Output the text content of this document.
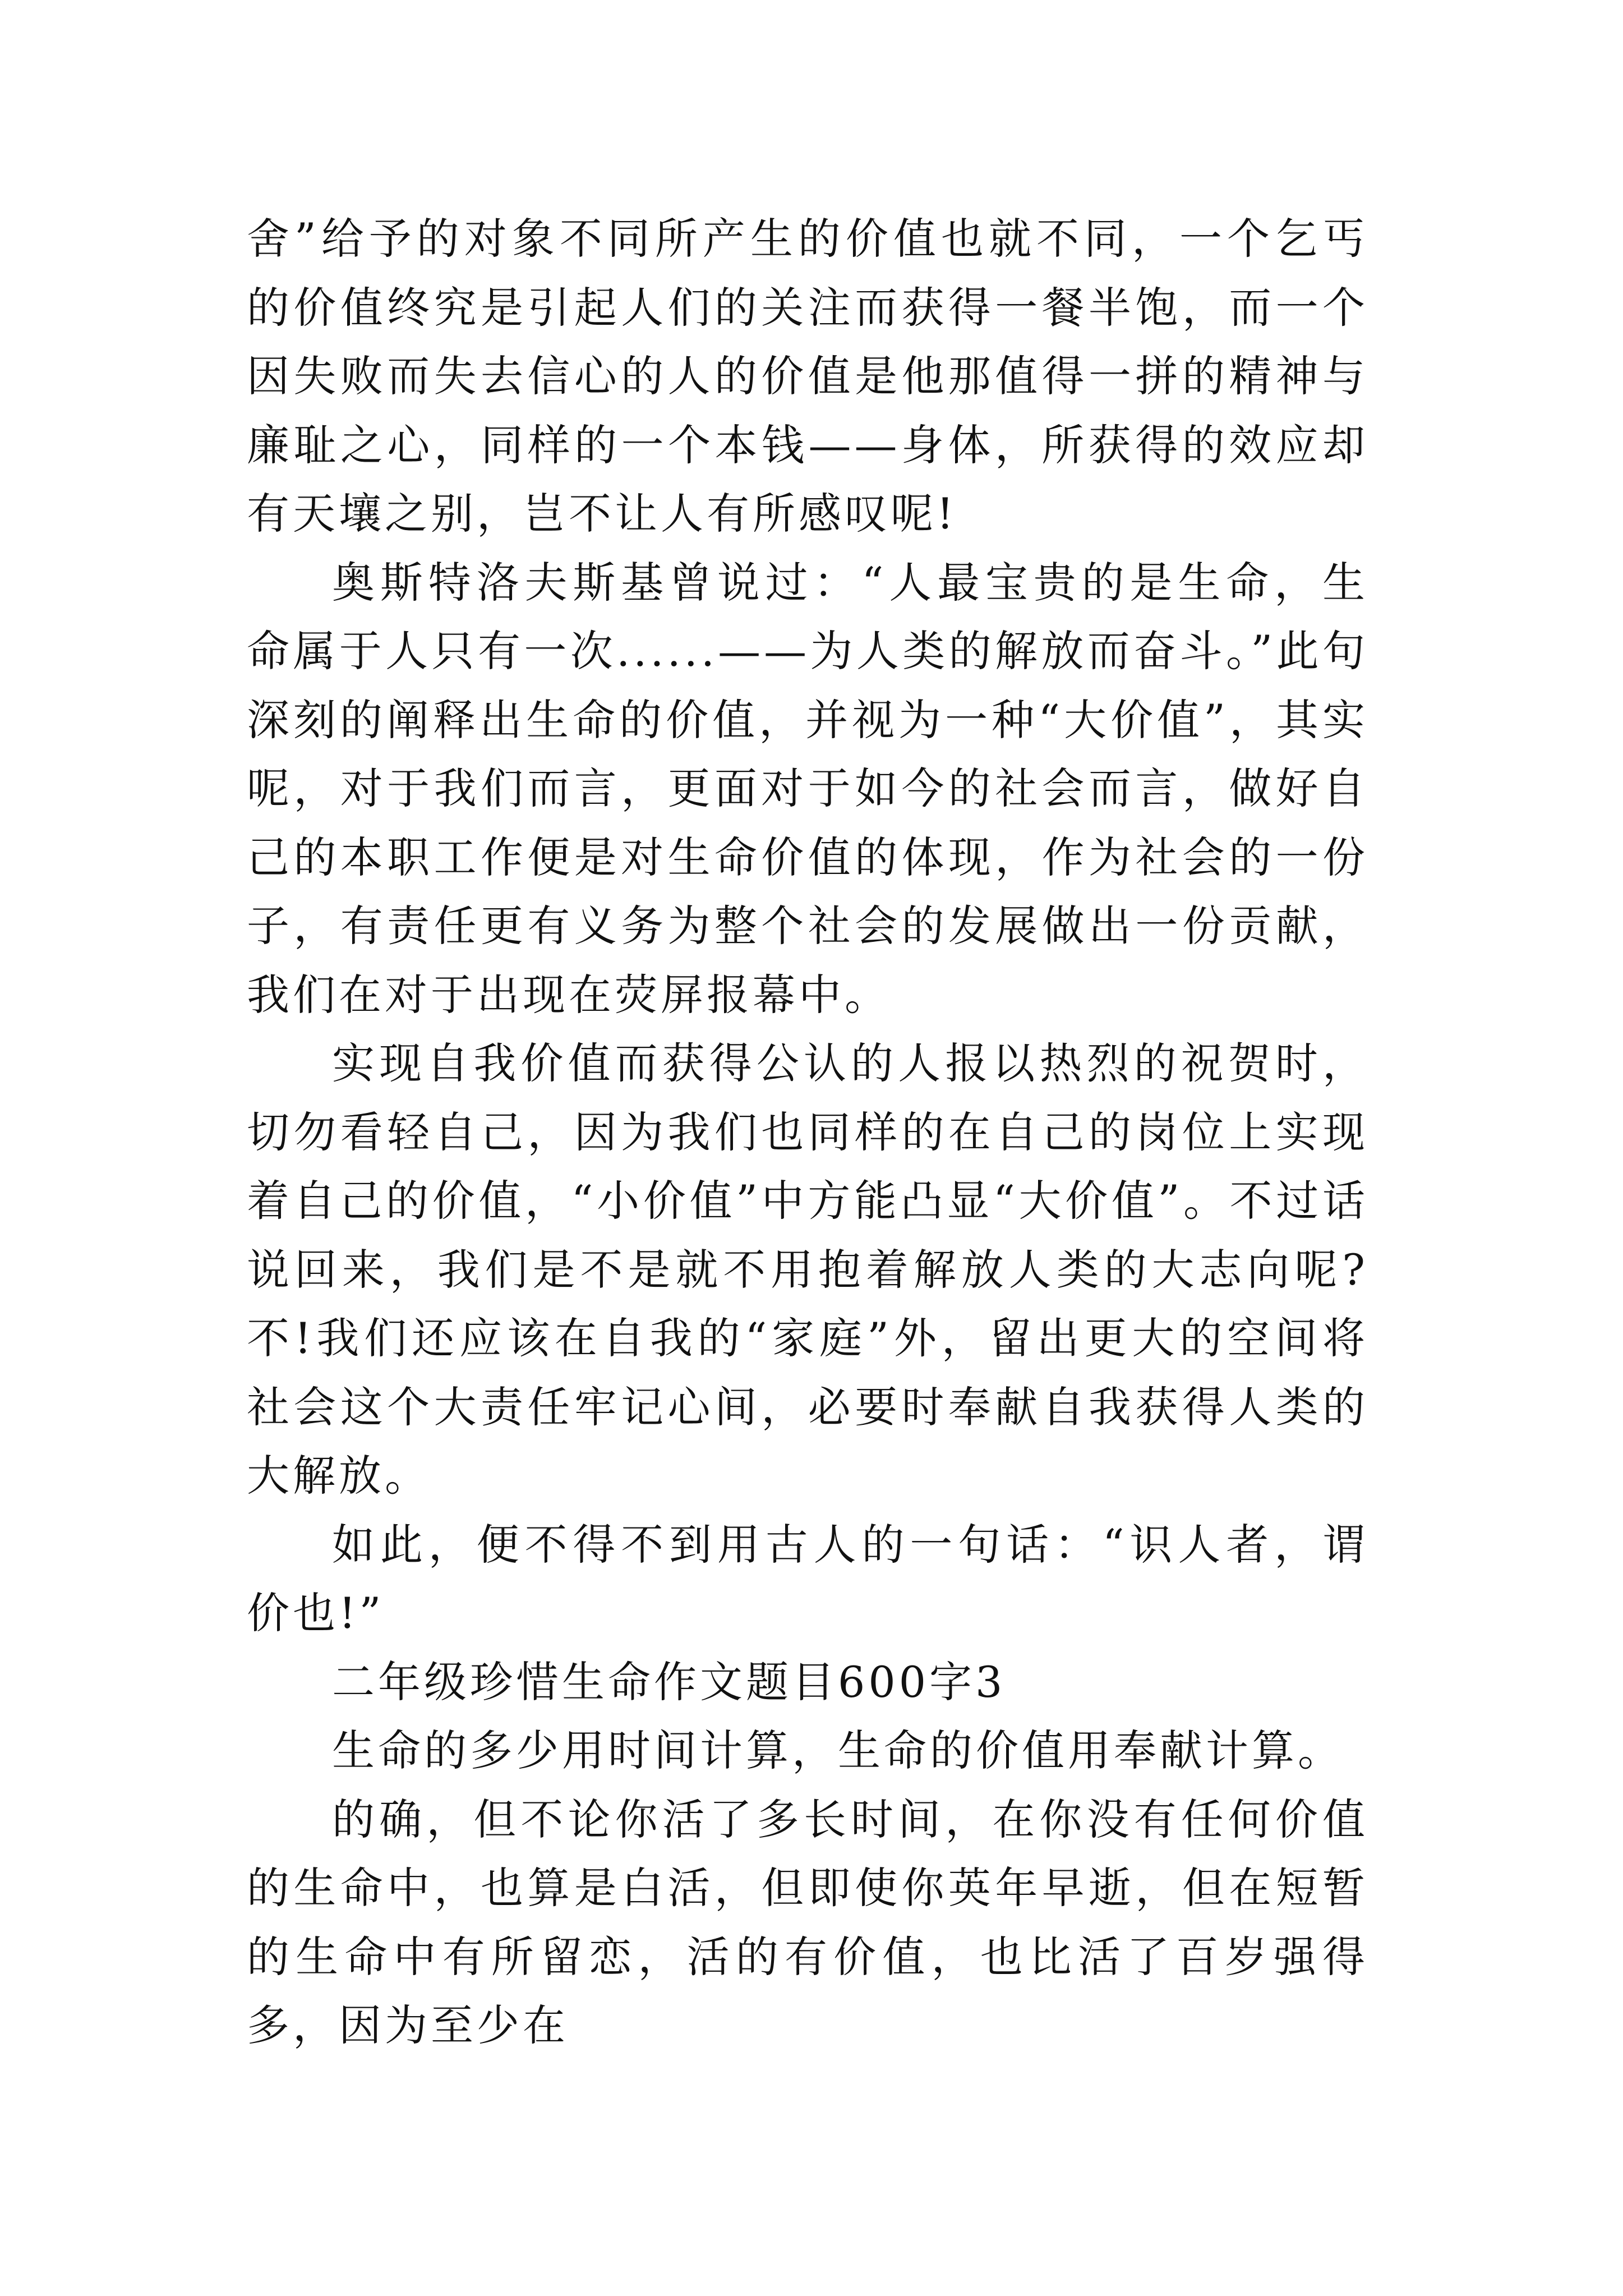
舍”给予的对象不同所产生的价值也就不同，一个乞丐的价值终究是引起人们的关注而获得一餐半饱，而一个因失败而失去信心的人的价值是他那值得一拼的精神与廉耻之心，同样的一个本钱——身体，所获得的效应却有天壤之别，岂不让人有所感叹呢!

奥斯特洛夫斯基曾说过：“人最宝贵的是生命，生命属于人只有一次......——为人类的解放而奋斗。”此句深刻的阐释出生命的价值，并视为一种“大价值”，其实呢，对于我们而言，更面对于如今的社会而言，做好自己的本职工作便是对生命价值的体现，作为社会的一份子，有责任更有义务为整个社会的发展做出一份贡献，我们在对于出现在荧屏报幕中。

实现自我价值而获得公认的人报以热烈的祝贺时，切勿看轻自己，因为我们也同样的在自己的岗位上实现着自己的价值，“小价值”中方能凸显“大价值”。不过话说回来，我们是不是就不用抱着解放人类的大志向呢?不!我们还应该在自我的“家庭”外，留出更大的空间将社会这个大责任牢记心间，必要时奉献自我获得人类的大解放。

如此，便不得不到用古人的一句话：“识人者，谓价也!”

二年级珍惜生命作文题目600字3

生命的多少用时间计算，生命的价值用奉献计算。

的确，但不论你活了多长时间，在你没有任何价值的生命中，也算是白活，但即使你英年早逝，但在短暂的生命中有所留恋，活的有价值，也比活了百岁强得多，因为至少在
